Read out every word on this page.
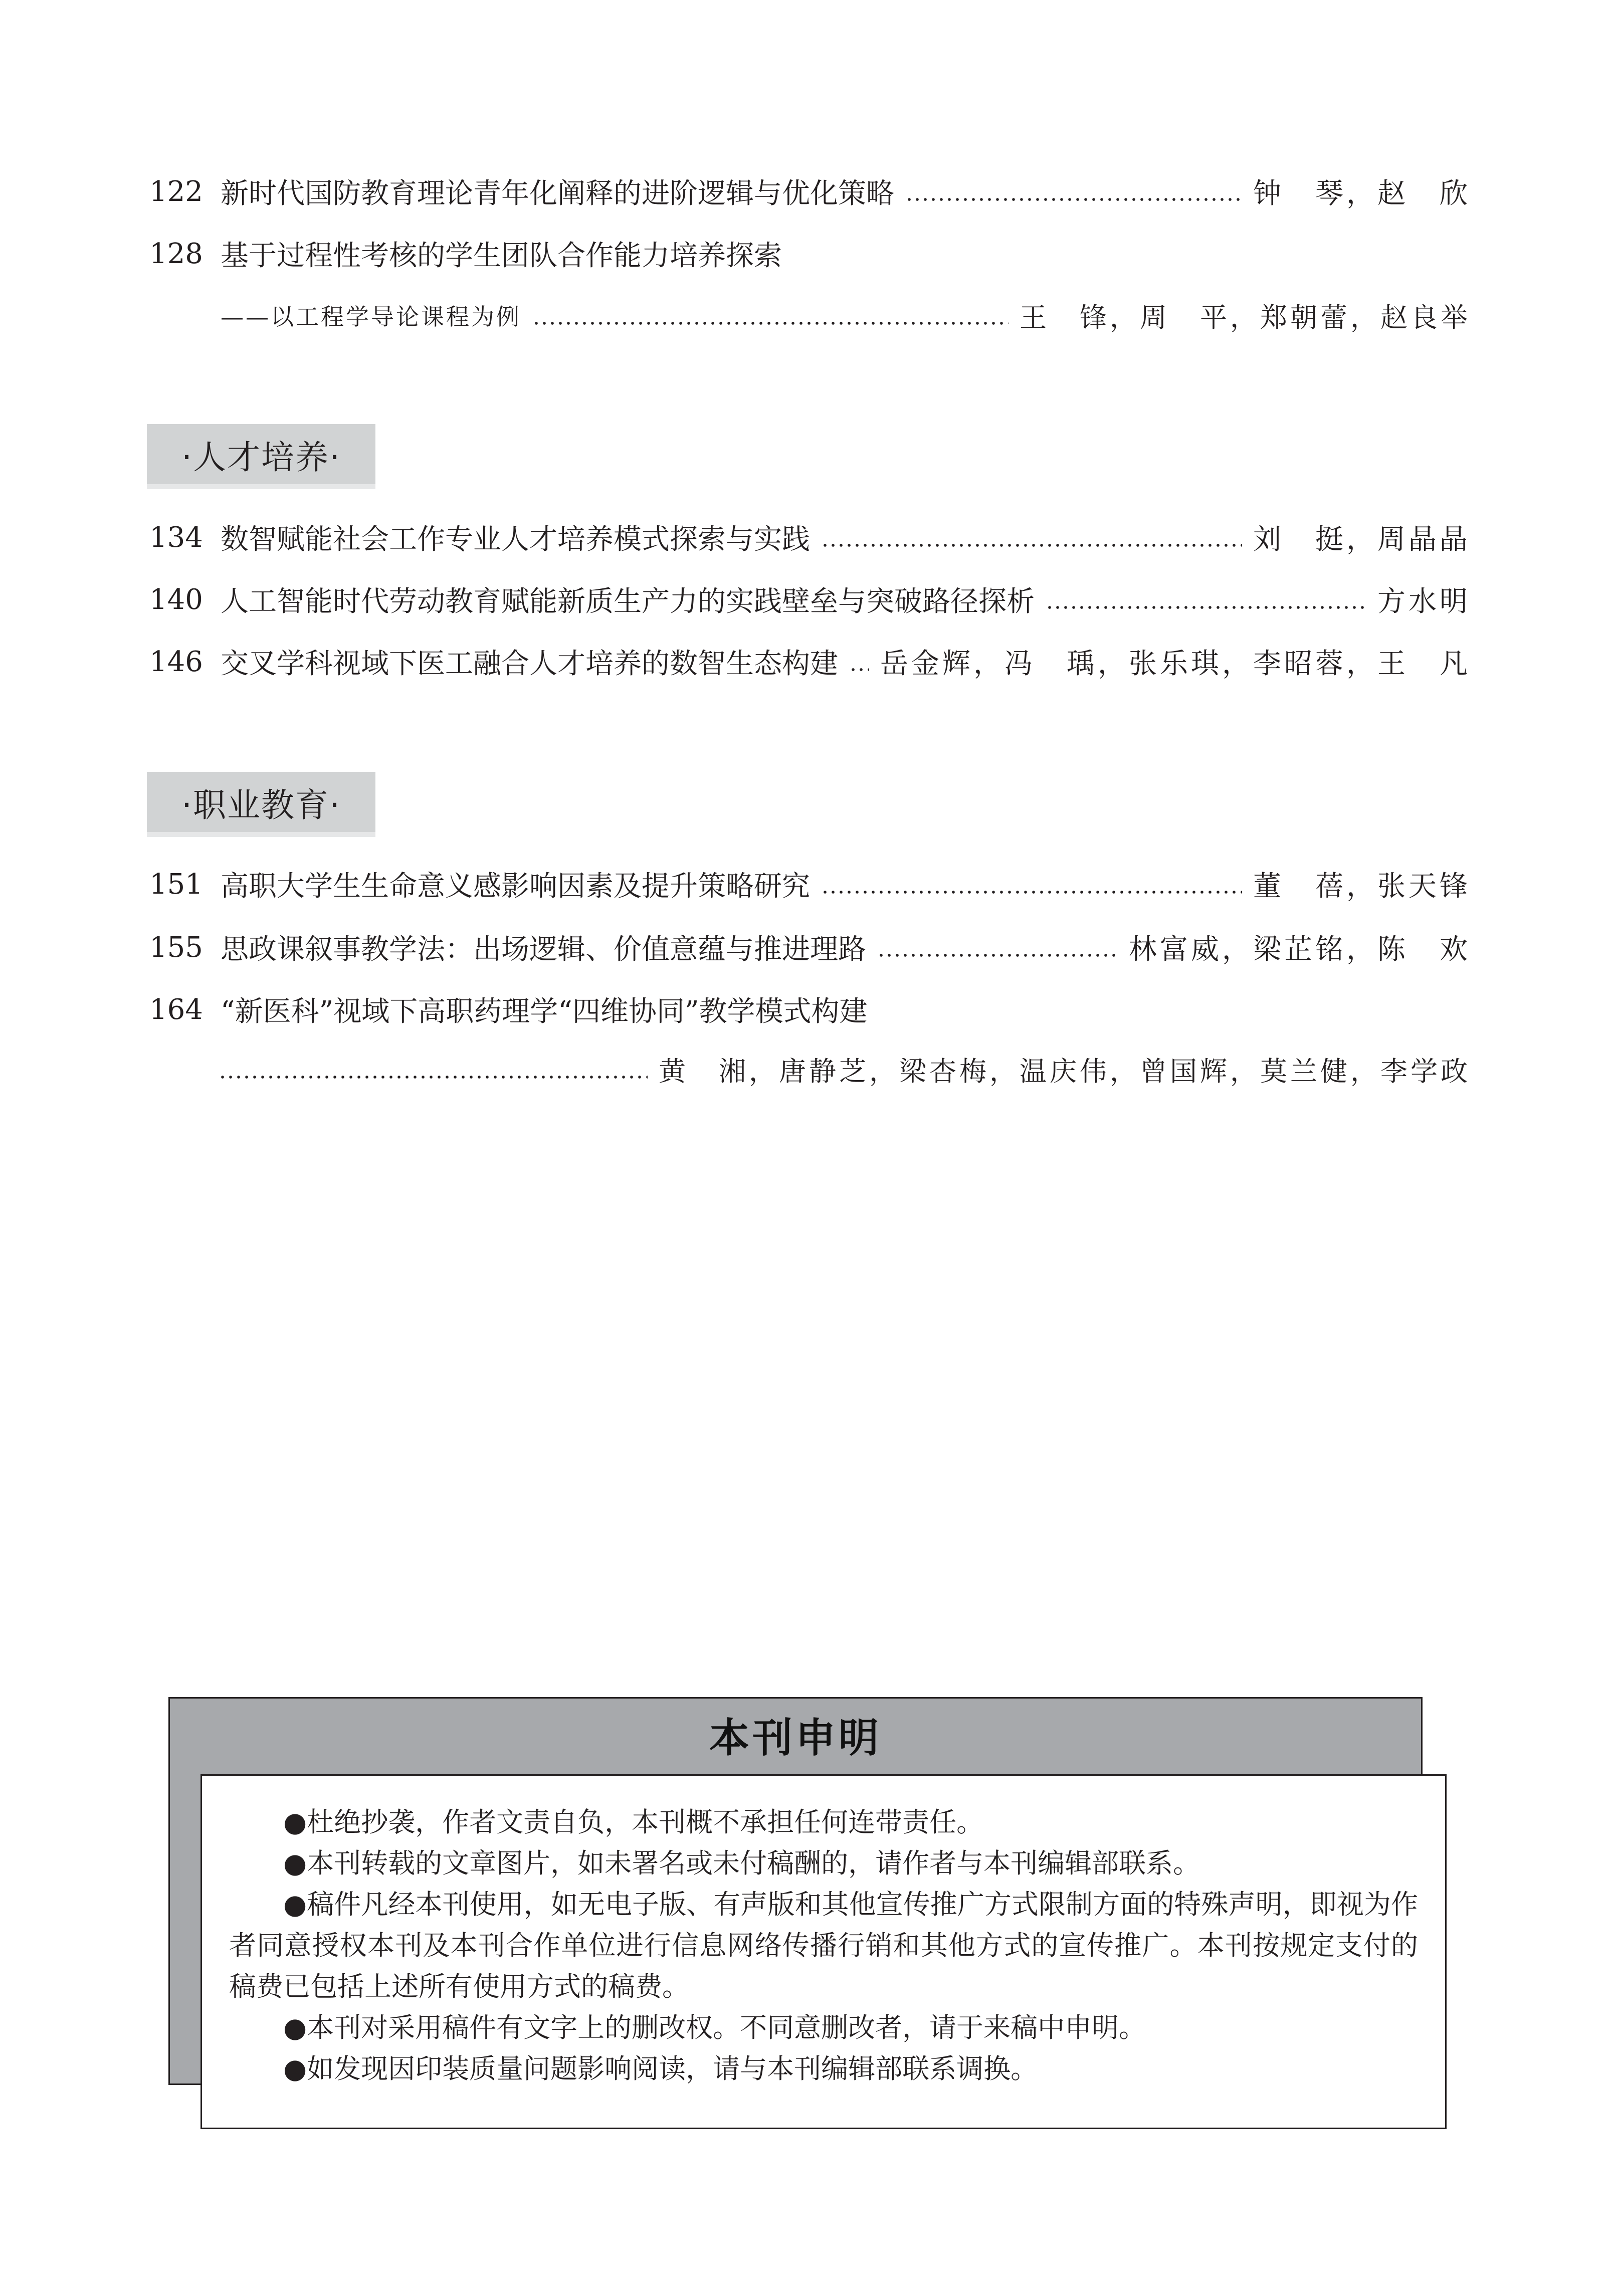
122 新时代国防教育理论青年化阐释的进阶逻辑与优化策略	钟　琴，赵　欣
128 基于过程性考核的学生团队合作能力培养探索
——以工程学导论课程为例	王　锋，周　平，郑朝蕾，赵良举
·人才培养·
134 数智赋能社会工作专业人才培养模式探索与实践	刘　挺，周晶晶
140 人工智能时代劳动教育赋能新质生产力的实践壁垒与突破路径探析	方水明
146 交叉学科视域下医工融合人才培养的数智生态构建 岳金辉，冯　瑀，张乐琪，李昭蓉，王　凡
·职业教育·
151 高职大学生生命意义感影响因素及提升策略研究	董　蓓，张天锋
155 思政课叙事教学法：出场逻辑、价值意蕴与推进理路	林富威，梁芷铭，陈　欢
164 “新医科”视域下高职药理学“四维协同”教学模式构建
黄　湘，唐静芝，梁杏梅，温庆伟，曾国辉，莫兰健，李学政
本刊申明

●杜绝抄袭，作者文责自负，本刊概不承担任何连带责任。

●本刊转载的文章图片，如未署名或未付稿酬的，请作者与本刊编辑部联系。

●稿件凡经本刊使用，如无电子版、有声版和其他宣传推广方式限制方面的特殊声明，即视为作者同意授权本刊及本刊合作单位进行信息网络传播行销和其他方式的宣传推广。本刊按规定支付的稿费已包括上述所有使用方式的稿费。

●本刊对采用稿件有文字上的删改权。不同意删改者，请于来稿中申明。

●如发现因印装质量问题影响阅读，请与本刊编辑部联系调换。
